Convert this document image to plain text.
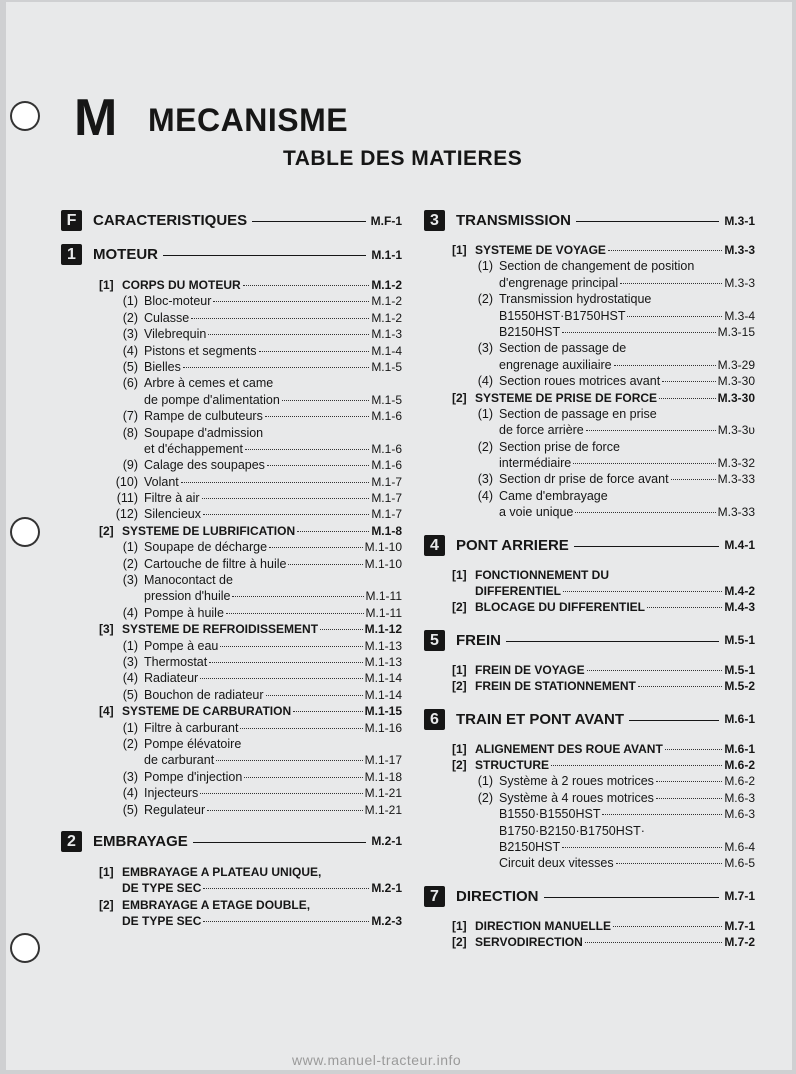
M MECANISME
TABLE DES MATIERES
F	CARACTERISTIQUES	M.F-1
1	MOTEUR	M.1-1
[1] CORPS DU MOTEUR	M.1-2
(1) Bloc-moteur	M.1-2
(2) Culasse	M.1-2
(3) Vilebrequin	M.1-3
(4) Pistons et segments	M.1-4
(5) Bielles	M.1-5
(6) Arbre à cemes et came
de pompe d'alimentation	M.1-5
(7) Rampe de culbuteurs	M.1-6
(8) Soupape d'admission
et d'échappement	M.1-6
(9) Calage des soupapes	M.1-6
(10) Volant	M.1-7
(11) Filtre à air	M.1-7
(12) Silencieux	M.1-7
[2] SYSTEME DE LUBRIFICATION	M.1-8
(1) Soupape de décharge	M.1-10
(2) Cartouche de filtre à huile	M.1-10
(3) Manocontact de
pression d'huile	M.1-11
(4) Pompe à huile	M.1-11
[3] SYSTEME DE REFROIDISSEMENT	M.1-12
(1) Pompe à eau	M.1-13
(3) Thermostat	M.1-13
(4) Radiateur	M.1-14
(5) Bouchon de radiateur	M.1-14
[4] SYSTEME DE CARBURATION	M.1-15
(1) Filtre à carburant	M.1-16
(2) Pompe élévatoire
de carburant	M.1-17
(3) Pompe d'injection	M.1-18
(4) Injecteurs	M.1-21
(5) Regulateur	M.1-21
2	EMBRAYAGE	M.2-1
[1] EMBRAYAGE A PLATEAU UNIQUE,
DE TYPE SEC	M.2-1
[2] EMBRAYAGE A ETAGE DOUBLE,
DE TYPE SEC	M.2-3
3	TRANSMISSION	M.3-1
[1] SYSTEME DE VOYAGE	M.3-3
(1) Section de changement de position
d'engrenage principal	M.3-3
(2) Transmission hydrostatique
B1550HST·B1750HST	M.3-4
B2150HST	M.3-15
(3) Section de passage de
engrenage auxiliaire	M.3-29
(4) Section roues motrices avant	M.3-30
[2] SYSTEME DE PRISE DE FORCE	M.3-30
(1) Section de passage en prise
de force arrière	M.3-3υ
(2) Section prise de force
intermédiaire	M.3-32
(3) Section dr prise de force avant	M.3-33
(4) Came d'embrayage
a voie unique	M.3-33
4	PONT ARRIERE	M.4-1
[1] FONCTIONNEMENT DU
DIFFERENTIEL	M.4-2
[2] BLOCAGE DU DIFFERENTIEL	M.4-3
5	FREIN	M.5-1
[1] FREIN DE VOYAGE	M.5-1
[2] FREIN DE STATIONNEMENT	M.5-2
6	TRAIN ET PONT AVANT	M.6-1
[1] ALIGNEMENT DES ROUE AVANT	M.6-1
[2] STRUCTURE	M.6-2
(1) Système à 2 roues motrices	M.6-2
(2) Système à 4 roues motrices	M.6-3
B1550·B1550HST	M.6-3
B1750·B2150·B1750HST·
B2150HST	M.6-4
Circuit deux vitesses	M.6-5
7	DIRECTION	M.7-1
[1] DIRECTION MANUELLE	M.7-1
[2] SERVODIRECTION	M.7-2
www.manuel-tracteur.info
